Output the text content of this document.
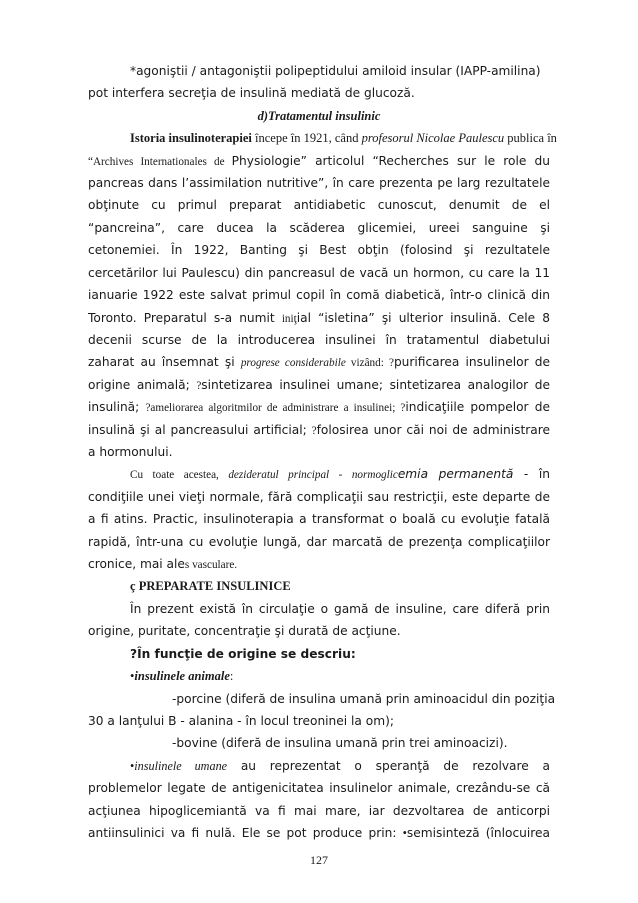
*agoniştii / antagoniştii polipeptidului amiloid insular (IAPP-amilina)
pot interfera secreţia de insulină mediată de glucoză.
d)Tratamentul insulinic
Istoria insulinoterapiei începe în 1921, când profesorul Nicolae Paulescu publica în
“Archives Internationales de Physiologie” articolul “Recherches sur le role du
pancreas dans l’assimilation nutritive”, în care prezenta pe larg rezultatele
obţinute cu primul preparat antidiabetic cunoscut, denumit de el
“pancreina”, care ducea la scăderea glicemiei, ureei sanguine şi
cetonemiei. În 1922, Banting şi Best obţin (folosind şi rezultatele
cercetărilor lui Paulescu) din pancreasul de vacă un hormon, cu care la 11
ianuarie 1922 este salvat primul copil în comă diabetică, într-o clinică din
Toronto. Preparatul s-a numit iniţial “isletina” şi ulterior insulină. Cele 8
decenii scurse de la introducerea insulinei în tratamentul diabetului
zaharat au însemnat şi progrese considerabile vizând: ?purificarea insulinelor de
origine animală; ?sintetizarea insulinei umane; sintetizarea analogilor de
insulină; ?ameliorarea algoritmilor de administrare a insulinei; ?indicaţiile pompelor de
insulină şi al pancreasului artificial; ?folosirea unor căi noi de administrare
a hormonului.
Cu toate acestea, dezideratul principal - normoglicemia permanentă - în
condiţiile unei vieţi normale, fără complicaţii sau restricţii, este departe de
a fi atins. Practic, insulinoterapia a transformat o boală cu evoluţie fatală
rapidă, într-una cu evoluţie lungă, dar marcată de prezenţa complicaţiilor
cronice, mai ales vasculare.
ç PREPARATE INSULINICE
În prezent există în circulaţie o gamă de insuline, care diferă prin
origine, puritate, concentraţie şi durată de acţiune.
?În funcţie de origine se descriu:
•insulinele animale:
-porcine (diferă de insulina umană prin aminoacidul din poziţia
30 a lanţului B - alanina - în locul treoninei la om);
-bovine (diferă de insulina umană prin trei aminoacizi).
•insulinele umane au reprezentat o speranţă de rezolvare a
problemelor legate de antigenicitatea insulinelor animale, crezându-se că
acţiunea hipoglicemiantă va fi mai mare, iar dezvoltarea de anticorpi
antiinsulinici va fi nulă. Ele se pot produce prin: •semisinteză (înlocuirea
127
